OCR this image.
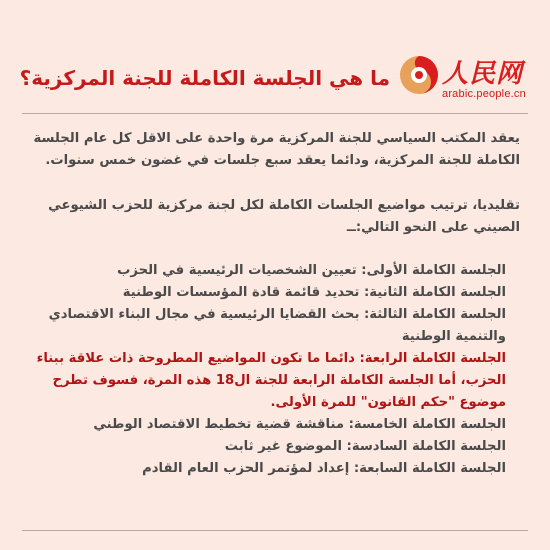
人民网
arabic.people.cn
ما هي الجلسة الكاملة للجنة المركزية؟
يعقد المكتب السياسي للجنة المركزية مرة واحدة على الاقل كل عام الجلسة الكاملة للجنة المركزية، ودائما يعقد سبع جلسات في غضون خمس سنوات.
تقليديا، ترتيب مواضيع الجلسات الكاملة لكل لجنة مركزية للحزب الشيوعي الصيني على النحو التالي:ــ

الجلسة الكاملة الأولى: تعيين الشخصيات الرئيسية في الحزب

الجلسة الكاملة الثانية: تحديد قائمة قادة المؤسسات الوطنية

الجلسة الكاملة الثالثة: بحث القضايا الرئيسية في مجال البناء الاقتصادي والتنمية الوطنية

الجلسة الكاملة الرابعة: دائما ما تكون المواضيع المطروحة ذات علاقة ببناء الحزب، أما الجلسة الكاملة الرابعة للجنة ال18 هذه المرة، فسوف تطرح موضوع "حكم القانون" للمرة الأولى.

الجلسة الكاملة الخامسة: مناقشة قضية تخطيط الاقتصاد الوطني

الجلسة الكاملة السادسة: الموضوع غير ثابت

الجلسة الكاملة السابعة: إعداد لمؤتمر الحزب العام القادم
